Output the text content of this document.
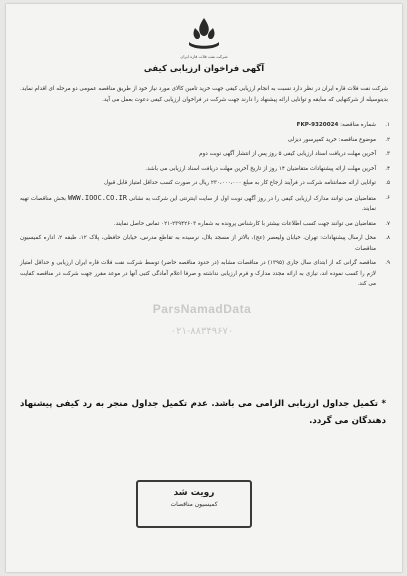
شرکت نفت فلات قاره ایران
آگهی فراخوان ارزیابی کیفی
شرکت نفت فلات قاره ایران در نظر دارد نسبت به انجام ارزیابی کیفی جهت خرید تامین کالای مورد نیاز خود از طریق مناقصه عمومی دو مرحله ای اقدام نماید. بدینوسیله از شرکتهایی که سابقه و توانایی ارائه پیشنهاد را دارند جهت شرکت در فراخوان ارزیابی کیفی دعوت بعمل می آید.
۱.
شماره مناقصه: FKP-9320024
۲.
موضوع مناقصه: خرید کمپرسور دیزلی
۳.
آخرین مهلت دریافت اسناد ارزیابی کیفی ۵ روز پس از انتشار آگهی نوبت دوم
۴.
آخرین مهلت ارائه پیشنهادات متقاضیان ۱۴ روز از تاریخ آخرین مهلت دریافت اسناد ارزیابی می باشد.
۵.
توانایی ارائه ضمانتنامه شرکت در فرآیند ارجاع کار به مبلغ ۲۳۰،۰۰۰،۰۰۰ ریال در صورت کسب حداقل امتیاز قابل قبول
۶.
متقاضیان می توانند مدارک ارزیابی کیفی را در روز آگهی نوبت اول از سایت اینترنتی این شرکت به نشانی WWW.IOOC.CO.IR بخش مناقصات تهیه نمایند.
۷.
متقاضیان می توانند جهت کسب اطلاعات بیشتر با کارشناس پرونده به شماره ۲۳۹۴۲۶۰۳-۰۲۱ تماس حاصل نمایند.
۸.
محل ارسال پیشنهادات: تهران، خیابان ولیعصر (عج)، بالاتر از مسجد بلال، نرسیده به تقاطع مدرس، خیابان حافظی، پلاک ۱۲، طبقه ۲، اداره کمیسیون مناقصات
۹.
مناقصه گرانی که از ابتدای سال جاری (۱۳۹۵) در مناقصات مشابه (در حدود مناقصه حاضر) توسط شرکت نفت فلات قاره ایران ارزیابی و حداقل امتیاز لازم را کسب نموده اند، نیازی به ارائه مجدد مدارک و فرم ارزیابی نداشته و صرفا اعلام آمادگی کتبی آنها در موعد مقرر جهت شرکت در مناقصه کفایت می کند.
ParsNamadData
۰۲۱-۸۸۳۴۹۶۷۰
* تکمیل جداول ارزیابی الزامی می باشد. عدم تکمیل جداول منجر به رد کیفی پیشنهاد دهندگان می گردد.
رویت شد
کمیسیون مناقصات
